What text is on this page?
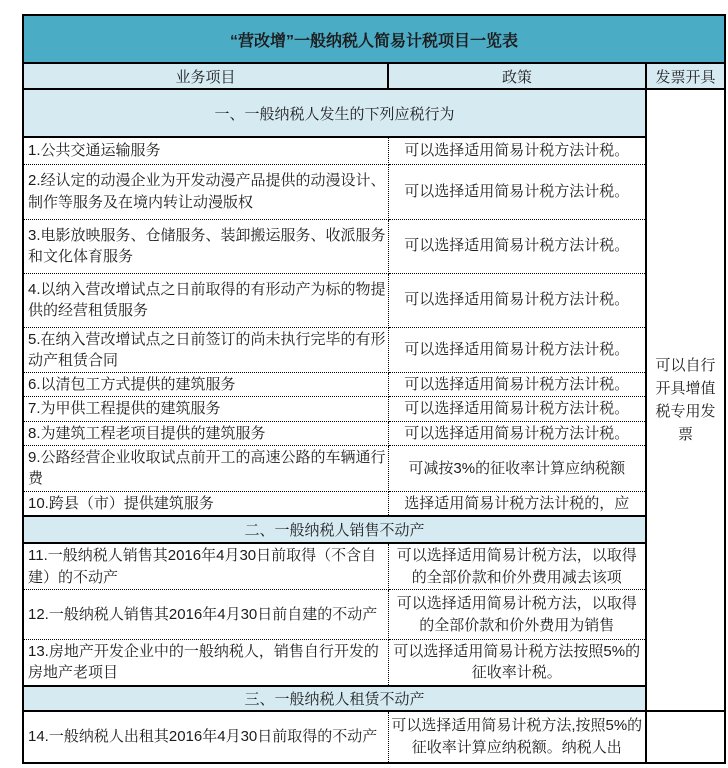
“营改增”一般纳税人简易计税项目一览表		
业务项目	政策	发票开具
一、一般纳税人发生的下列应税行为		可以自行开具增值税专用发票

1.公共交通运输服务	可以选择适用简易计税方法计税。	
2.经认定的动漫企业为开发动漫产品提供的动漫设计、制作等服务及在境内转让动漫版权	可以选择适用简易计税方法计税。	
3.电影放映服务、仓储服务、装卸搬运服务、收派服务和文化体育服务	可以选择适用简易计税方法计税。	
4.以纳入营改增试点之日前取得的有形动产为标的物提供的经营租赁服务	可以选择适用简易计税方法计税。	
5.在纳入营改增试点之日前签订的尚未执行完毕的有形动产租赁合同	可以选择适用简易计税方法计税。	
6.以清包工方式提供的建筑服务	可以选择适用简易计税方法计税。	
7.为甲供工程提供的建筑服务	可以选择适用简易计税方法计税。	
8.为建筑工程老项目提供的建筑服务	可以选择适用简易计税方法计税。	
9.公路经营企业收取试点前开工的高速公路的车辆通行费	可减按3%的征收率计算应纳税额	
10.跨县（市）提供建筑服务	选择适用简易计税方法计税的，应	
二、一般纳税人销售不动产		
11.一般纳税人销售其2016年4月30日前取得（不含自建）的不动产	可以选择适用简易计税方法，以取得的全部价款和价外费用减去该项	
12.一般纳税人销售其2016年4月30日前自建的不动产	可以选择适用简易计税方法，以取得的全部价款和价外费用为销售	
13.房地产开发企业中的一般纳税人，销售自行开发的房地产老项目	可以选择适用简易计税方法按照5%的征收率计税。	
三、一般纳税人租赁不动产		
14.一般纳税人出租其2016年4月30日前取得的不动产	可以选择适用简易计税方法,按照5%的征收率计算应纳税额。纳税人出	
